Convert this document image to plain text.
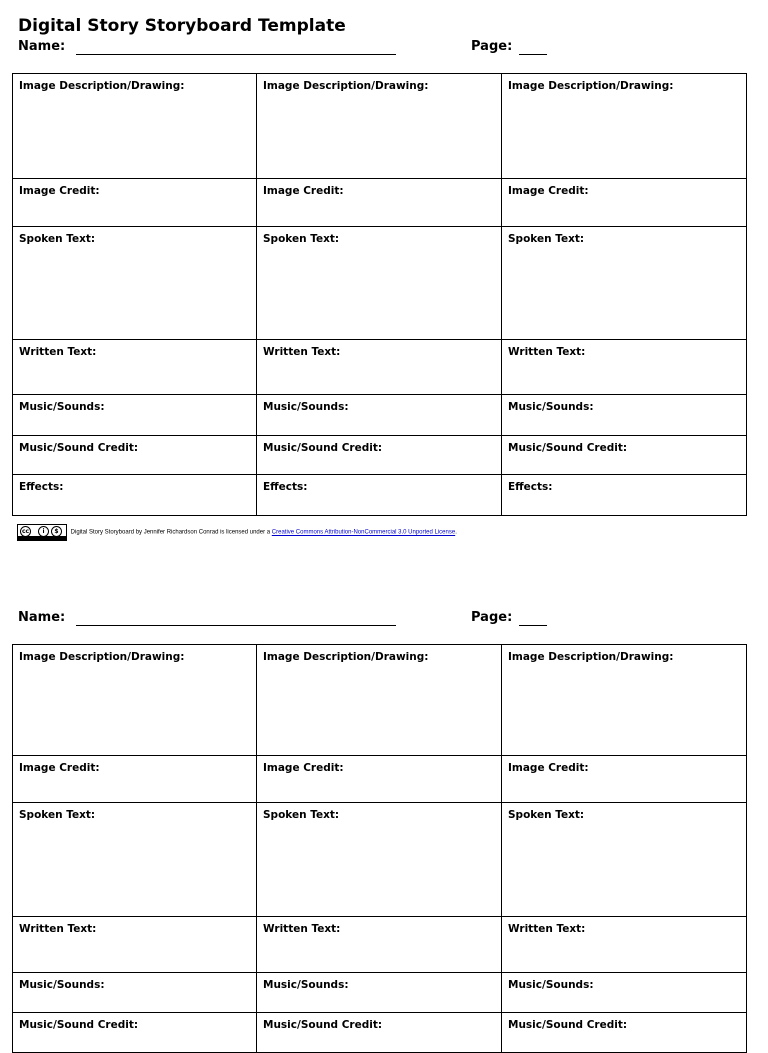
Digital Story Storyboard Template
Name:	Page:
Image Description/Drawing:	Image Description/Drawing:	Image Description/Drawing:
Image Credit:	Image Credit:	Image Credit:
Spoken Text:	Spoken Text:	Spoken Text:
Written Text:	Written Text:	Written Text:
Music/Sounds:	Music/Sounds:	Music/Sounds:
Music/Sound Credit:	Music/Sound Credit:	Music/Sound Credit:
Effects:	Effects:	Effects:
cc	i	$	Digital Story Storyboard by Jennifer Richardson Conrad is licensed under a Creative Commons Attribution-NonCommercial 3.0 Unported License.
Name:	Page:
Image Description/Drawing:	Image Description/Drawing:	Image Description/Drawing:
Image Credit:	Image Credit:	Image Credit:
Spoken Text:	Spoken Text:	Spoken Text:
Written Text:	Written Text:	Written Text:
Music/Sounds:	Music/Sounds:	Music/Sounds:
Music/Sound Credit:	Music/Sound Credit:	Music/Sound Credit:
